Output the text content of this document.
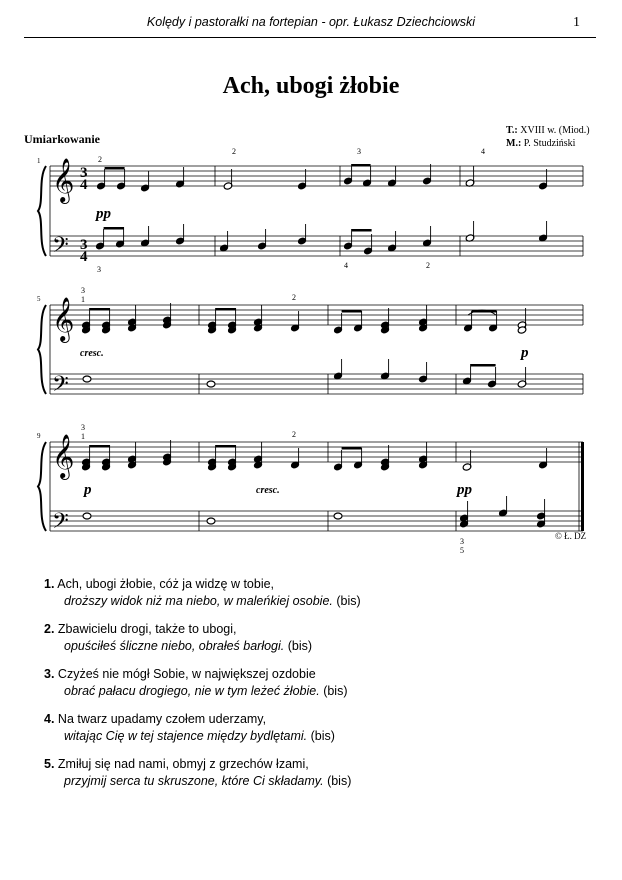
Kolędy i pastorałki na fortepian - opr. Łukasz Dziechciowski	1
Ach, ubogi żłobie
Umiarkowanie
T.: XVIII w. (Miod.)
M.: P. Studziński
1
5
9
𝄞
𝄢
𝄞
𝄢
𝄞
𝄢
3
4
3
4
pp
cresc.	p
p	cresc.	pp
2
2	3	4
3	4	2
3
1	2
3
1	2
3
5
© Ł. DZ
1. Ach, ubogi żłobie, cóż ja widzę w tobie,
droższy widok niż ma niebo, w maleńkiej osobie. (bis)
2. Zbawicielu drogi, także to ubogi,
opuściłeś śliczne niebo, obrałeś barłogi. (bis)
3. Czyżeś nie mógł Sobie, w największej ozdobie
obrać pałacu drogiego, nie w tym leżeć żłobie. (bis)
4. Na twarz upadamy czołem uderzamy,
witając Cię w tej stajence między bydlętami. (bis)
5. Zmiłuj się nad nami, obmyj z grzechów łzami,
przyjmij serca tu skruszone, które Ci składamy. (bis)
